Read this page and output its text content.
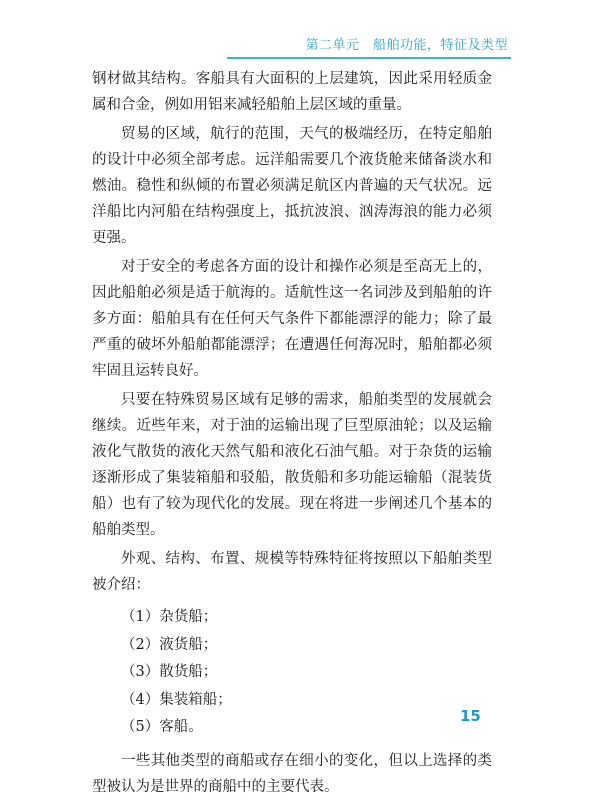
第二单元　船舶功能，特征及类型

钢材做其结构。客船具有大面积的上层建筑，因此采用轻质金属和合金，例如用铝来减轻船舶上层区域的重量。

贸易的区域，航行的范围，天气的极端经历，在特定船舶的设计中必须全部考虑。远洋船需要几个液货舱来储备淡水和燃油。稳性和纵倾的布置必须满足航区内普遍的天气状况。远洋船比内河船在结构强度上，抵抗波浪、汹涛海浪的能力必须更强。

对于安全的考虑各方面的设计和操作必须是至高无上的，因此船舶必须是适于航海的。适航性这一名词涉及到船舶的许多方面：船舶具有在任何天气条件下都能漂浮的能力；除了最严重的破坏外船舶都能漂浮；在遭遇任何海况时，船舶都必须牢固且运转良好。

只要在特殊贸易区域有足够的需求，船舶类型的发展就会继续。近些年来，对于油的运输出现了巨型原油轮；以及运输液化气散货的液化天然气船和液化石油气船。对于杂货的运输逐渐形成了集装箱船和驳船，散货船和多功能运输船（混装货船）也有了较为现代化的发展。现在将进一步阐述几个基本的船舶类型。

外观、结构、布置、规模等特殊特征将按照以下船舶类型被介绍：

（1）杂货船；
（2）液货船；
（3）散货船；
（4）集装箱船；
（5）客船。

一些其他类型的商船或存在细小的变化，但以上选择的类型被认为是世界的商船中的主要代表。

15
